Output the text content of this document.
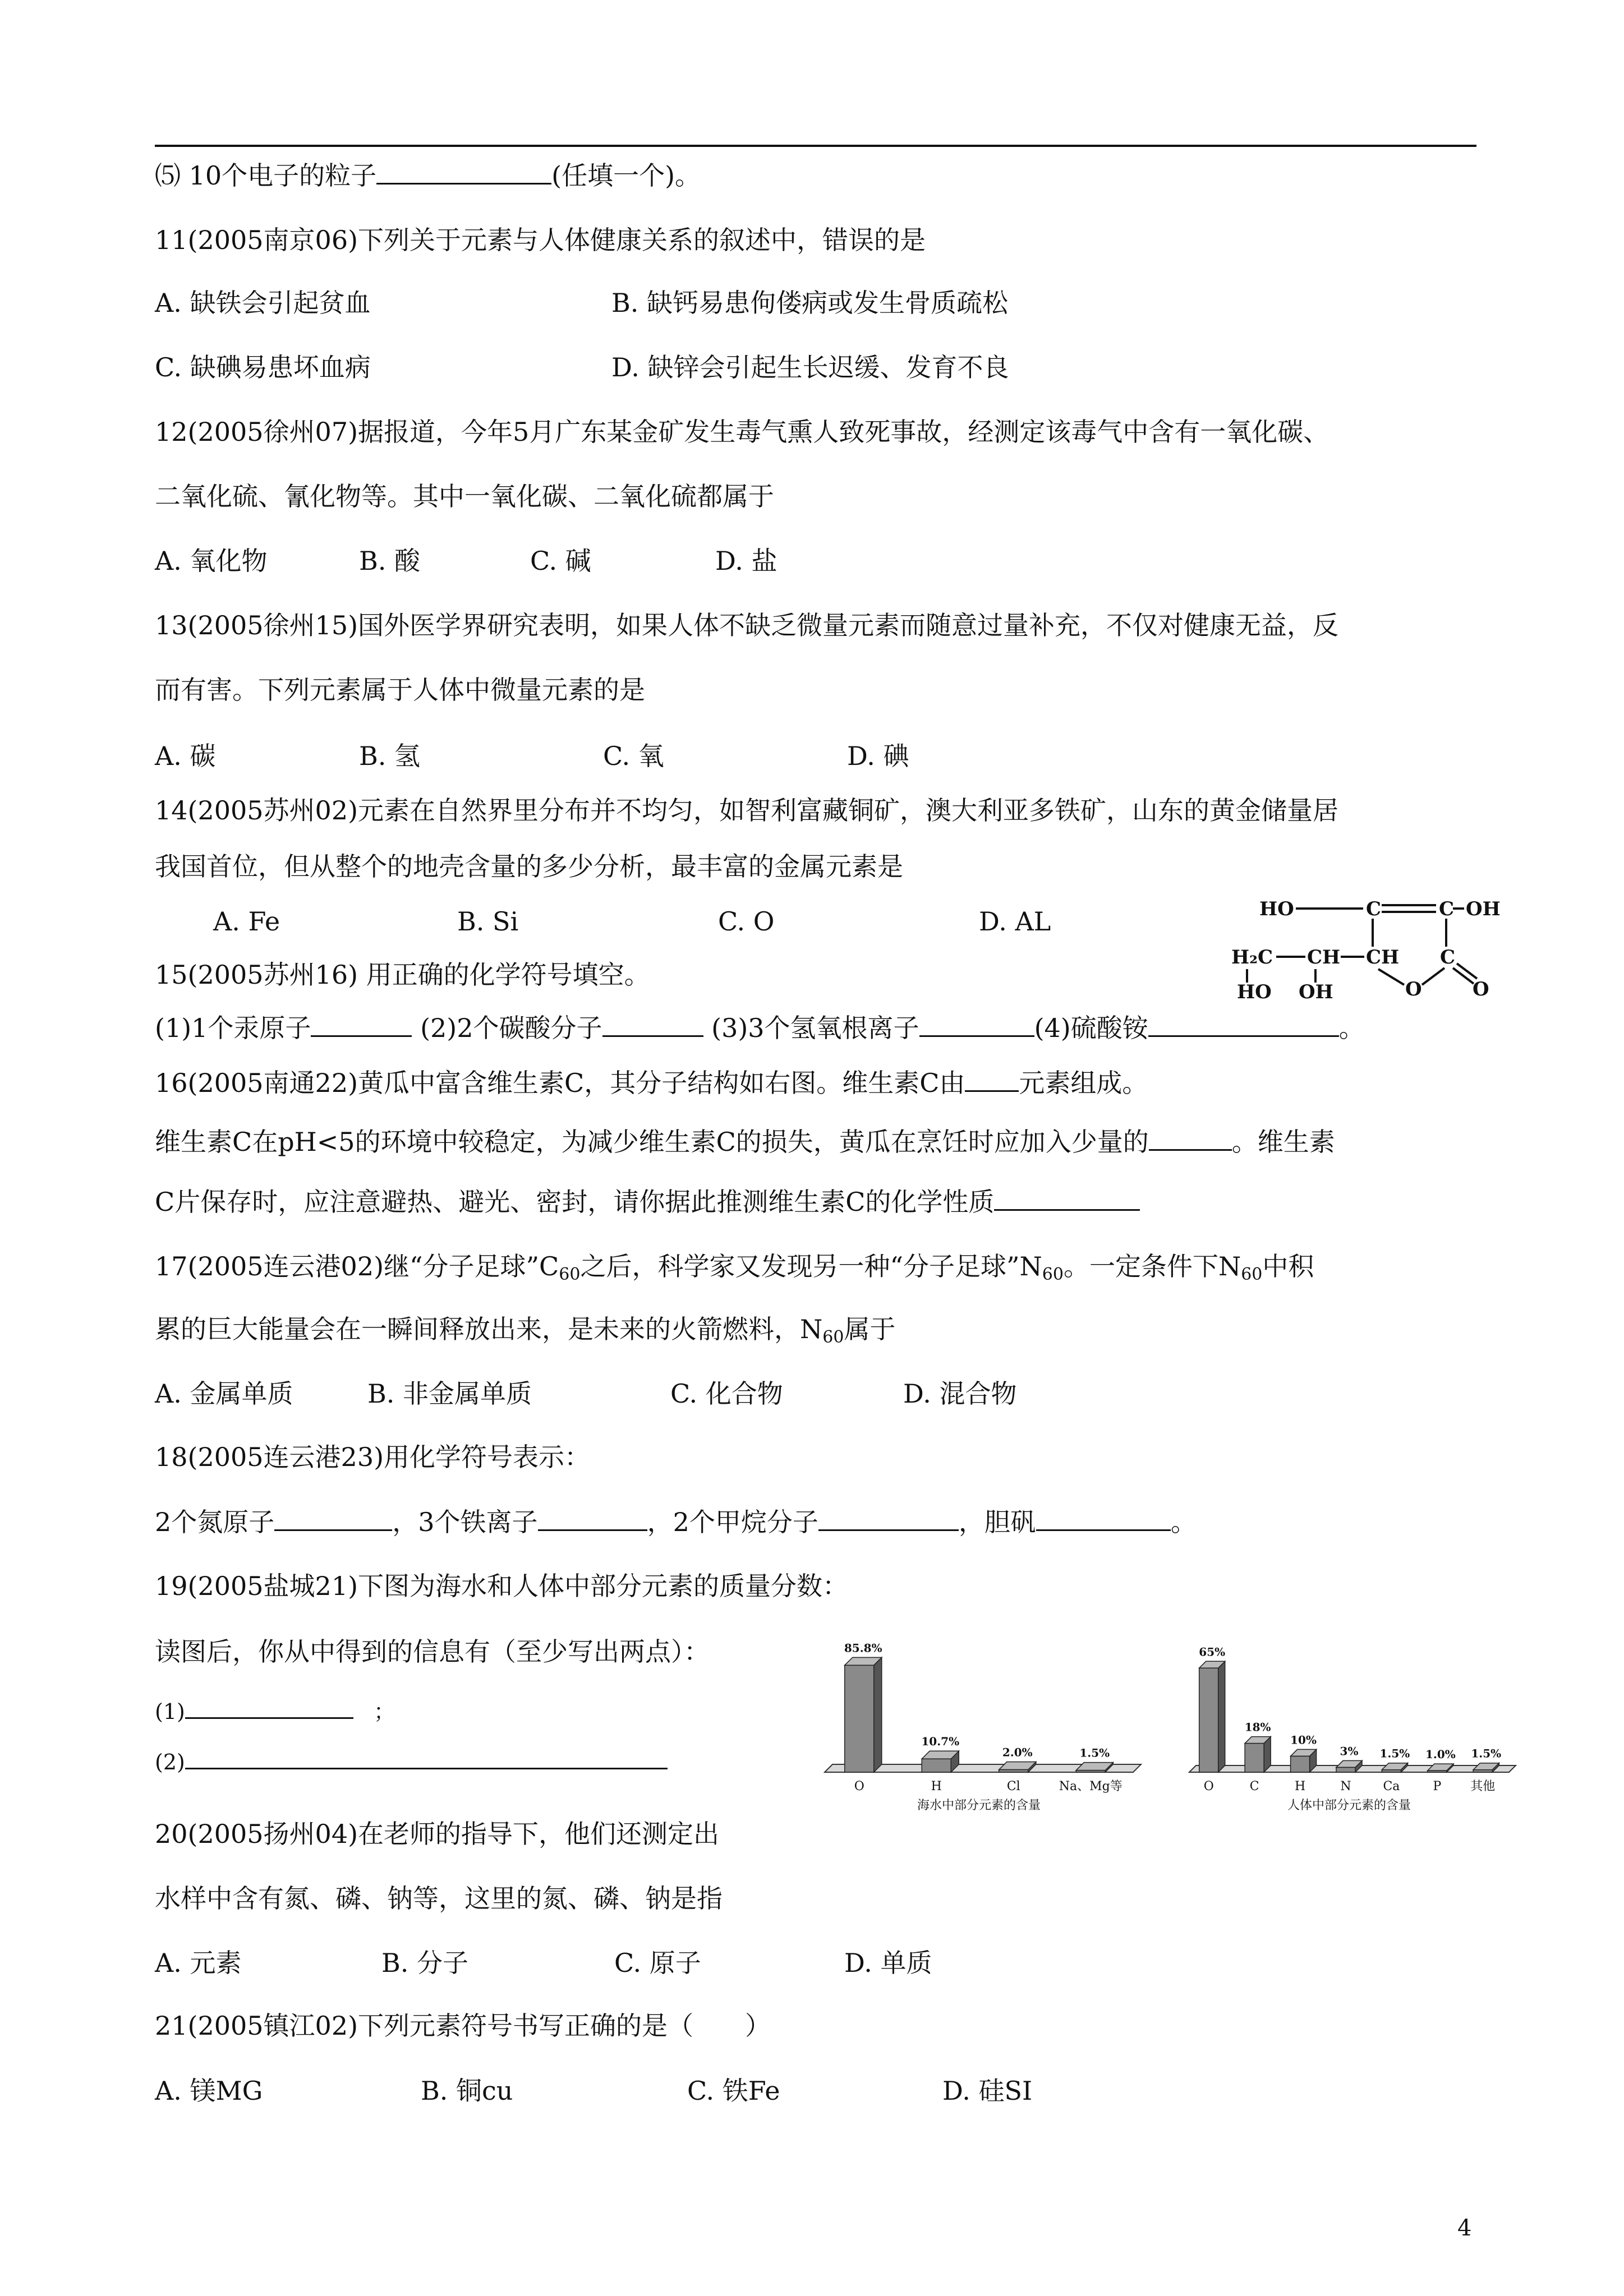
⑸ 10个电子的粒子	(任填一个)。
11(2005南京06)下列关于元素与人体健康关系的叙述中，错误的是
A. 缺铁会引起贫血	B. 缺钙易患佝偻病或发生骨质疏松
C. 缺碘易患坏血病	D. 缺锌会引起生长迟缓、发育不良
12(2005徐州07)据报道，今年5月广东某金矿发生毒气熏人致死事故，经测定该毒气中含有一氧化碳、
二氧化硫、氰化物等。其中一氧化碳、二氧化硫都属于
A. 氧化物	B. 酸	C. 碱	D. 盐
13(2005徐州15)国外医学界研究表明，如果人体不缺乏微量元素而随意过量补充，不仅对健康无益，反
而有害。下列元素属于人体中微量元素的是
A. 碳	B. 氢	C. 氧	D. 碘
14(2005苏州02)元素在自然界里分布并不均匀，如智利富藏铜矿，澳大利亚多铁矿，山东的黄金储量居
我国首位，但从整个的地壳含量的多少分析，最丰富的金属元素是
A. Fe	B. Si	C. O	D. AL	HO	C	C OH
H₂C CH CH C
HO OH	O	O
15(2005苏州16) 用正确的化学符号填空。
(1)1个汞原子	(2)2个碳酸分子	(3)3个氢氧根离子	(4)硫酸铵	。
16(2005南通22)黄瓜中富含维生素C，其分子结构如右图。维生素C由 元素组成。
维生素C在pH<5的环境中较稳定，为减少维生素C的损失，黄瓜在烹饪时应加入少量的	。维生素
C片保存时，应注意避热、避光、密封，请你据此推测维生素C的化学性质
17(2005连云港02)继“分子足球$”C_{60}$之后，科学家又发现另一种“分子足球$”N_{60}$。一定条件下$N_{60}$中积
累的巨大能量会在一瞬间释放出来，是未来的火箭燃料，$N_{60}$属于
A. 金属单质	B. 非金属单质	C. 化合物	D. 混合物
18(2005连云港23)用化学符号表示：
2个氮原子	，3个铁离子	，2个甲烷分子	，胆矾	。
19(2005盐城21)下图为海水和人体中部分元素的质量分数：
读图后，你从中得到的信息有（至少写出两点）：
(1)	；
(2)
85.8%
O
10.7%
H
2.0%
Cl
1.5%
Na、Mg等
海水中部分元素的含量
65%
O
18%
C
10%
H
3%
N
1.5%
Ca
1.0%
P
1.5%
其他
人体中部分元素的含量
20(2005扬州04)在老师的指导下，他们还测定出
水样中含有氮、磷、钠等，这里的氮、磷、钠是指
A. 元素	B. 分子	C. 原子	D. 单质
21(2005镇江02)下列元素符号书写正确的是（　　）
A. 镁MG	B. 铜cu	C. 铁Fe	D. 硅SI
4
